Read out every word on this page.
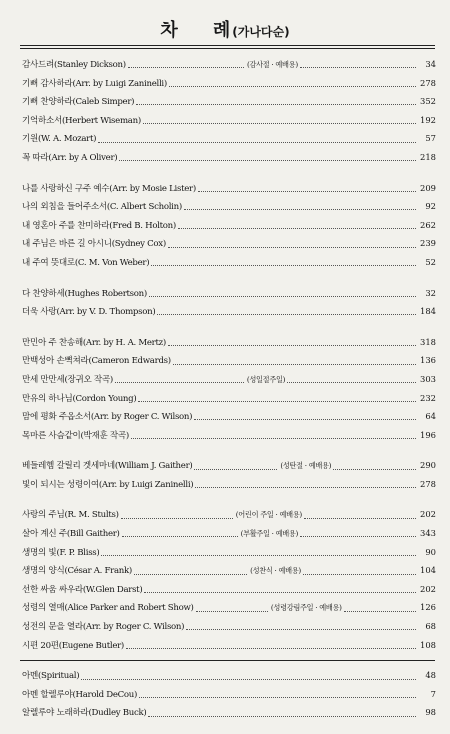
차    례(가나다순)
감사드려(Stanley Dickson)	(감사절 · 예배용)	34
기뻐 감사하라(Arr. by Luigi Zaninelli)	278
기뻐 찬양하라(Caleb Simper)	352
기억하소서(Herbert Wiseman)	192
기원(W. A. Mozart)	57
꼭 따라(Arr. by A Oliver)	218
나를 사랑하신 구주 예수(Arr. by Mosie Lister)	209
나의 외침을 들어주소서(C. Albert Scholin)	92
내 영혼아 주를 찬미하라(Fred B. Holton)	262
내 주님은 바른 길 아시니(Sydney Cox)	239
내 주여 뜻대로(C. M. Von Weber)	52
다 찬양하세(Hughes Robertson)	32
더욱 사랑(Arr. by V. D. Thompson)	184
만민아 주 찬송해(Arr. by H. A. Mertz)	318
만백성아 손뼉쳐라(Cameron Edwards)	136
만세 만만세(장귀오 작곡)	(성일절주일)	303
만유의 하나님(Cordon Young)	232
맘에 평화 주옵소서(Arr. by Roger C. Wilson)	64
목마른 사슴같이(박재훈 작곡)	196
베들레헴 갈릴리 겟세마네(William J. Gaither)	(성탄절 · 예배용)	290
빛이 되시는 성령이여(Arr. by Luigi Zaninelli)	278
사랑의 주님(R. M. Stults)	(어린이 주일 · 예배용)	202
살아 계신 주(Bill Gaither)	(부활주일 · 예배용)	343
생명의 빛(F. P. Bliss)	90
생명의 양식(César A. Frank)	(성찬식 · 예배용)	104
선한 싸움 싸우라(W.Glen Darst)	202
성령의 열매(Alice Parker and Robert Show)	(성령강림주일 · 예배용)	126
성전의 문을 열라(Arr. by Roger C. Wilson)	68
시편 20편(Eugene Butler)	108
아멘(Spiritual)	48
아멘 할렐루야(Harold DeCou)	7
알렐루야 노래하라(Dudley Buck)	98
